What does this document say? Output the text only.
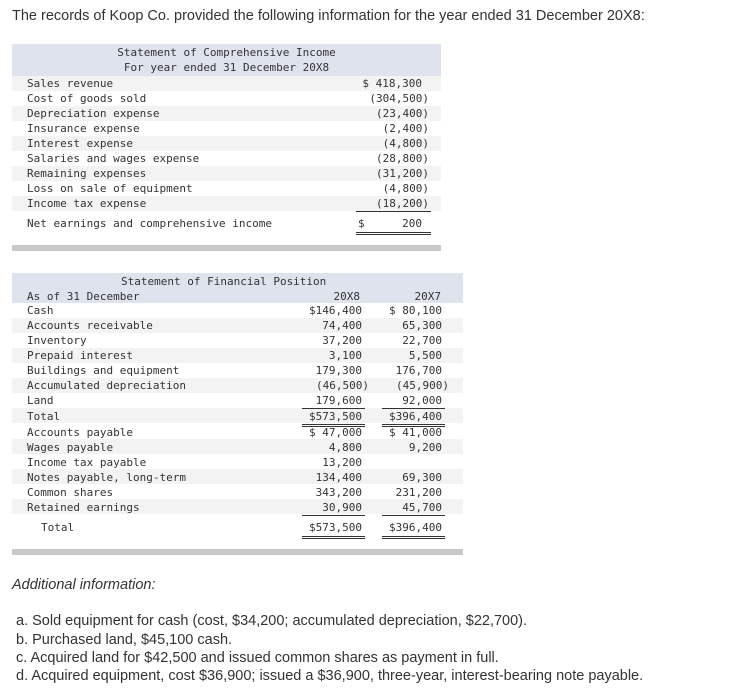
The records of Koop Co. provided the following information for the year ended 31 December 20X8:
Statement of Comprehensive Income
For year ended 31 December 20X8
Sales revenue	$ 418,300
Cost of goods sold	(304,500)
Depreciation expense	(23,400)
Insurance expense	(2,400)
Interest expense	(4,800)
Salaries and wages expense	(28,800)
Remaining expenses	(31,200)
Loss on sale of equipment	(4,800)
Income tax expense	(18,200)
Net earnings and comprehensive income	$	200
Statement of Financial Position
As of 31 December	20X8	20X7
Cash	$146,400 $ 80,100
Accounts receivable	74,400	65,300
Inventory	37,200	22,700
Prepaid interest	3,100	5,500
Buildings and equipment	179,300	176,700
Accumulated depreciation	(46,500) (45,900)
Land	179,600	92,000
Total	$573,500 $396,400
Accounts payable	$ 47,000 $ 41,000
Wages payable	4,800	9,200
Income tax payable	13,200
Notes payable, long-term	134,400	69,300
Common shares	343,200	231,200
Retained earnings	30,900	45,700
Total	$573,500 $396,400
Additional information:
a. Sold equipment for cash (cost, $34,200; accumulated depreciation, $22,700).
b. Purchased land, $45,100 cash.
c. Acquired land for $42,500 and issued common shares as payment in full.
d. Acquired equipment, cost $36,900; issued a $36,900, three-year, interest-bearing note payable.
